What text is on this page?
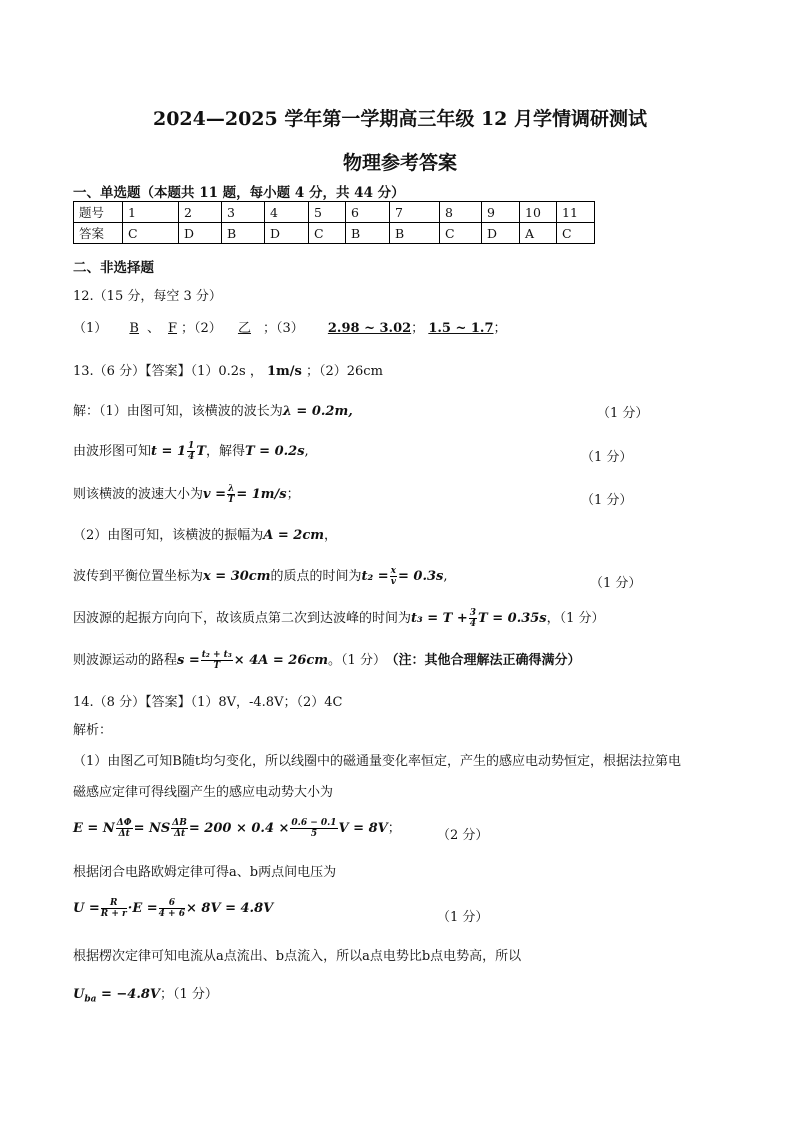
2024—2025 学年第一学期高三年级 12 月学情调研测试
物理参考答案
一、单选题（本题共 11 题，每小题 4 分，共 44 分）
题号	1	2	3	4	5	6	7	8	9	10	11
答案	C	D	B	D	C	B	B	C	D	A	C
二、非选择题
12.（15 分，每空 3 分）
（1） B 、 F ；（2） 乙 ；（3） 2.98 ~ 3.02； 1.5 ~ 1.7；
13.（6 分）【答案】（1）0.2s ， 1m/s ；（2）26cm
解：（1）由图可知，该横波的波长为λ = 0.2m,	（1 分）
由波形图可知$t = 1 \frac{1}{4}$ T，解得T = 0.2s,	（1 分）
则该横波的波速大小为$v = \frac{\lambda}{T} = 1m/s$；	（1 分）
（2）由图可知，该横波的振幅为A = 2cm，
波传到平衡位置坐标为x = 30cm的质点的时间为$t_2 = \frac{x}{v} = 0.3s$,	（1 分）
因波源的起振方向向下，故该质点第二次到达波峰的时间为$t_3 = T + \frac{3}{4}$ T = 0.35s，（1 分）
则波源运动的路程$s = \frac{\text{t₂ + t₃}}{T} \times 4A = 26cm$。（1 分） （注：其他合理解法正确得满分）
14.（8 分）【答案】（1）8V，-4.8V；（2）4C
解析：
（1）由图乙可知B随t均匀变化，所以线圈中的磁通量变化率恒定，产生的感应电动势恒定，根据法拉第电
磁感应定律可得线圈产生的感应电动势大小为
E = N $\frac{\Delta\Phi}{\Delta t}$ = NS $\frac{\Delta B}{\Delta t} = 200 \times 0.4 \times \frac{0.6 - 0.1}{5}$ V = 8V；	（2 分）
根据闭合电路欧姆定律可得a、b两点间电压为
$U = \frac{R}{R + r} \cdot E = \frac{6}{4 + 6} \times 8V = 4.8V$
（1 分）
根据楞次定律可知电流从a点流出、b点流入，所以a点电势比b点电势高，所以
$U_{ba} = -4.8V$；（1 分）
